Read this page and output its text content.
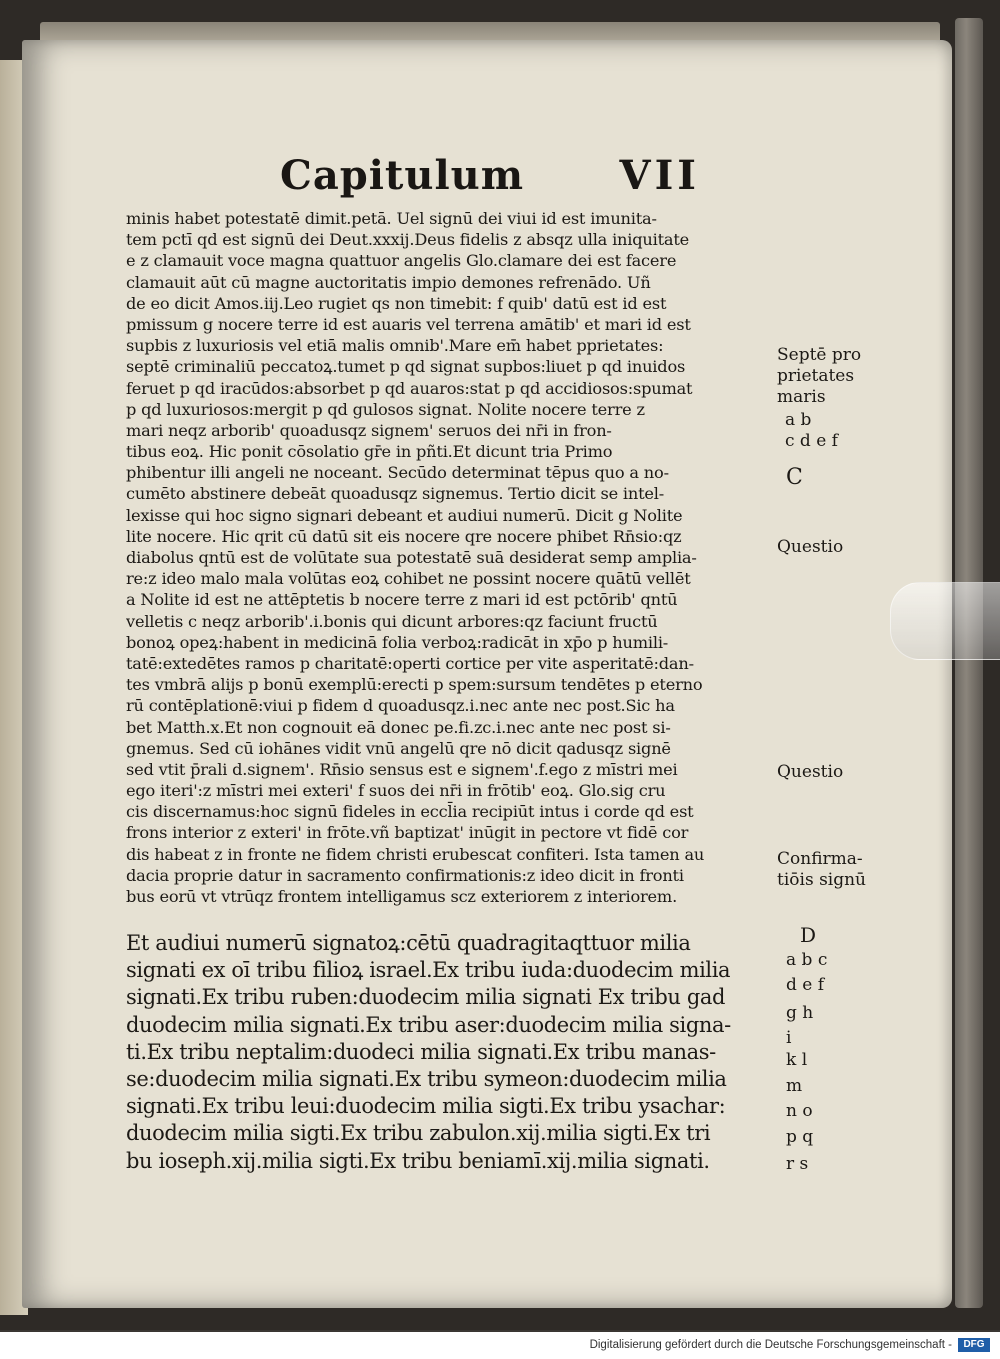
Capitulum VII
minis habet potestatē dimit.petā. Uel signū dei viui id est imunita-
tem pctī qd est signū dei Deut.xxxij.Deus fidelis z absqz ulla iniquitate
e z clamauit voce magna quattuor angelis Glo.clamare dei est facere
clamauit aūt cū magne auctoritatis impio demones refrenādo. Uñ
de eo dicit Amos.iij.Leo rugiet qs non timebit: f quib' datū est id est
pmissum g nocere terre id est auaris vel terrena amātib' et mari id est
supbis z luxuriosis vel etiā malis omnib'.Mare em̄ habet pprietates:
septē criminaliū peccatoꝝ.tumet p qd signat supbos:liuet p qd inuidos
feruet p qd iracūdos:absorbet p qd auaros:stat p qd accidiosos:spumat
p qd luxuriosos:mergit p qd gulosos signat. Nolite nocere terre z
mari neqz arborib' quoadusqz signem' seruos dei nr̄i in fron-
tibus eoꝝ. Hic ponit cōsolatio gr̄e in pñti.Et dicunt tria Primo
phibentur illi angeli ne noceant. Secūdo determinat tēpus quo a no-
cumēto abstinere debeāt quoadusqz signemus. Tertio dicit se intel-
lexisse qui hoc signo signari debeant et audiui numerū. Dicit g Nolite
lite nocere. Hic qrit cū datū sit eis nocere qre nocere phibet Rn̄sio:qz
diabolus qntū est de volūtate sua potestatē suā desiderat semp amplia-
re:z ideo malo mala volūtas eoꝝ cohibet ne possint nocere quātū vellēt
a Nolite id est ne attēptetis b nocere terre z mari id est pctōrib' qntū
velletis c neqz arborib'.i.bonis qui dicunt arbores:qz faciunt fructū
bonoꝝ opeꝝ:habent in medicinā folia verboꝝ:radicāt in xp̄o p humili-
tatē:extedētes ramos p charitatē:operti cortice per vite asperitatē:dan-
tes vmbrā alijs p bonū exemplū:erecti p spem:sursum tendētes p eterno
rū contēplationē:viui p fidem d quoadusqz.i.nec ante nec post.Sic ha
bet Matth.x.Et non cognouit eā donec pe.fi.zc.i.nec ante nec post si-
gnemus. Sed cū iohānes vidit vnū angelū qre nō dicit qadusqz signē
sed vtit p̄rali d.signem'. Rn̄sio sensus est e signem'.f.ego z mīstri mei
ego iteri':z mīstri mei exteri' f suos dei nr̄i in frōtib' eoꝝ. Glo.sig cru
cis discernamus:hoc signū fideles in eccl̄ia recipiūt intus i corde qd est
frons interior z exteri' in frōte.vñ baptizat' inūgit in pectore vt fidē cor
dis habeat z in fronte ne fidem christi erubescat confiteri. Ista tamen au
dacia proprie datur in sacramento confirmationis:z ideo dicit in fronti
bus eorū vt vtrūqz frontem intelligamus scz exteriorem z interiorem.
Et audiui numerū signatoꝝ:cētū quadragitaqttuor milia
signati ex oī tribu filioꝝ israel.Ex tribu iuda:duodecim milia
signati.Ex tribu ruben:duodecim milia signati Ex tribu gad
duodecim milia signati.Ex tribu aser:duodecim milia signa-
ti.Ex tribu neptalim:duodeci milia signati.Ex tribu manas-
se:duodecim milia signati.Ex tribu symeon:duodecim milia
signati.Ex tribu leui:duodecim milia sigti.Ex tribu ysachar:
duodecim milia sigti.Ex tribu zabulon.xij.milia sigti.Ex tri
bu ioseph.xij.milia sigti.Ex tribu beniamī.xij.milia signati.
Septē pro
prietates
maris
a b
c d e f
C
Questio
Questio
Confirma-
tiōis signū
D
a b c
d e f
g h
i
k l
m
n o
p q
r s
Digitalisierung gefördert durch die Deutsche Forschungsgemeinschaft -	DFG
